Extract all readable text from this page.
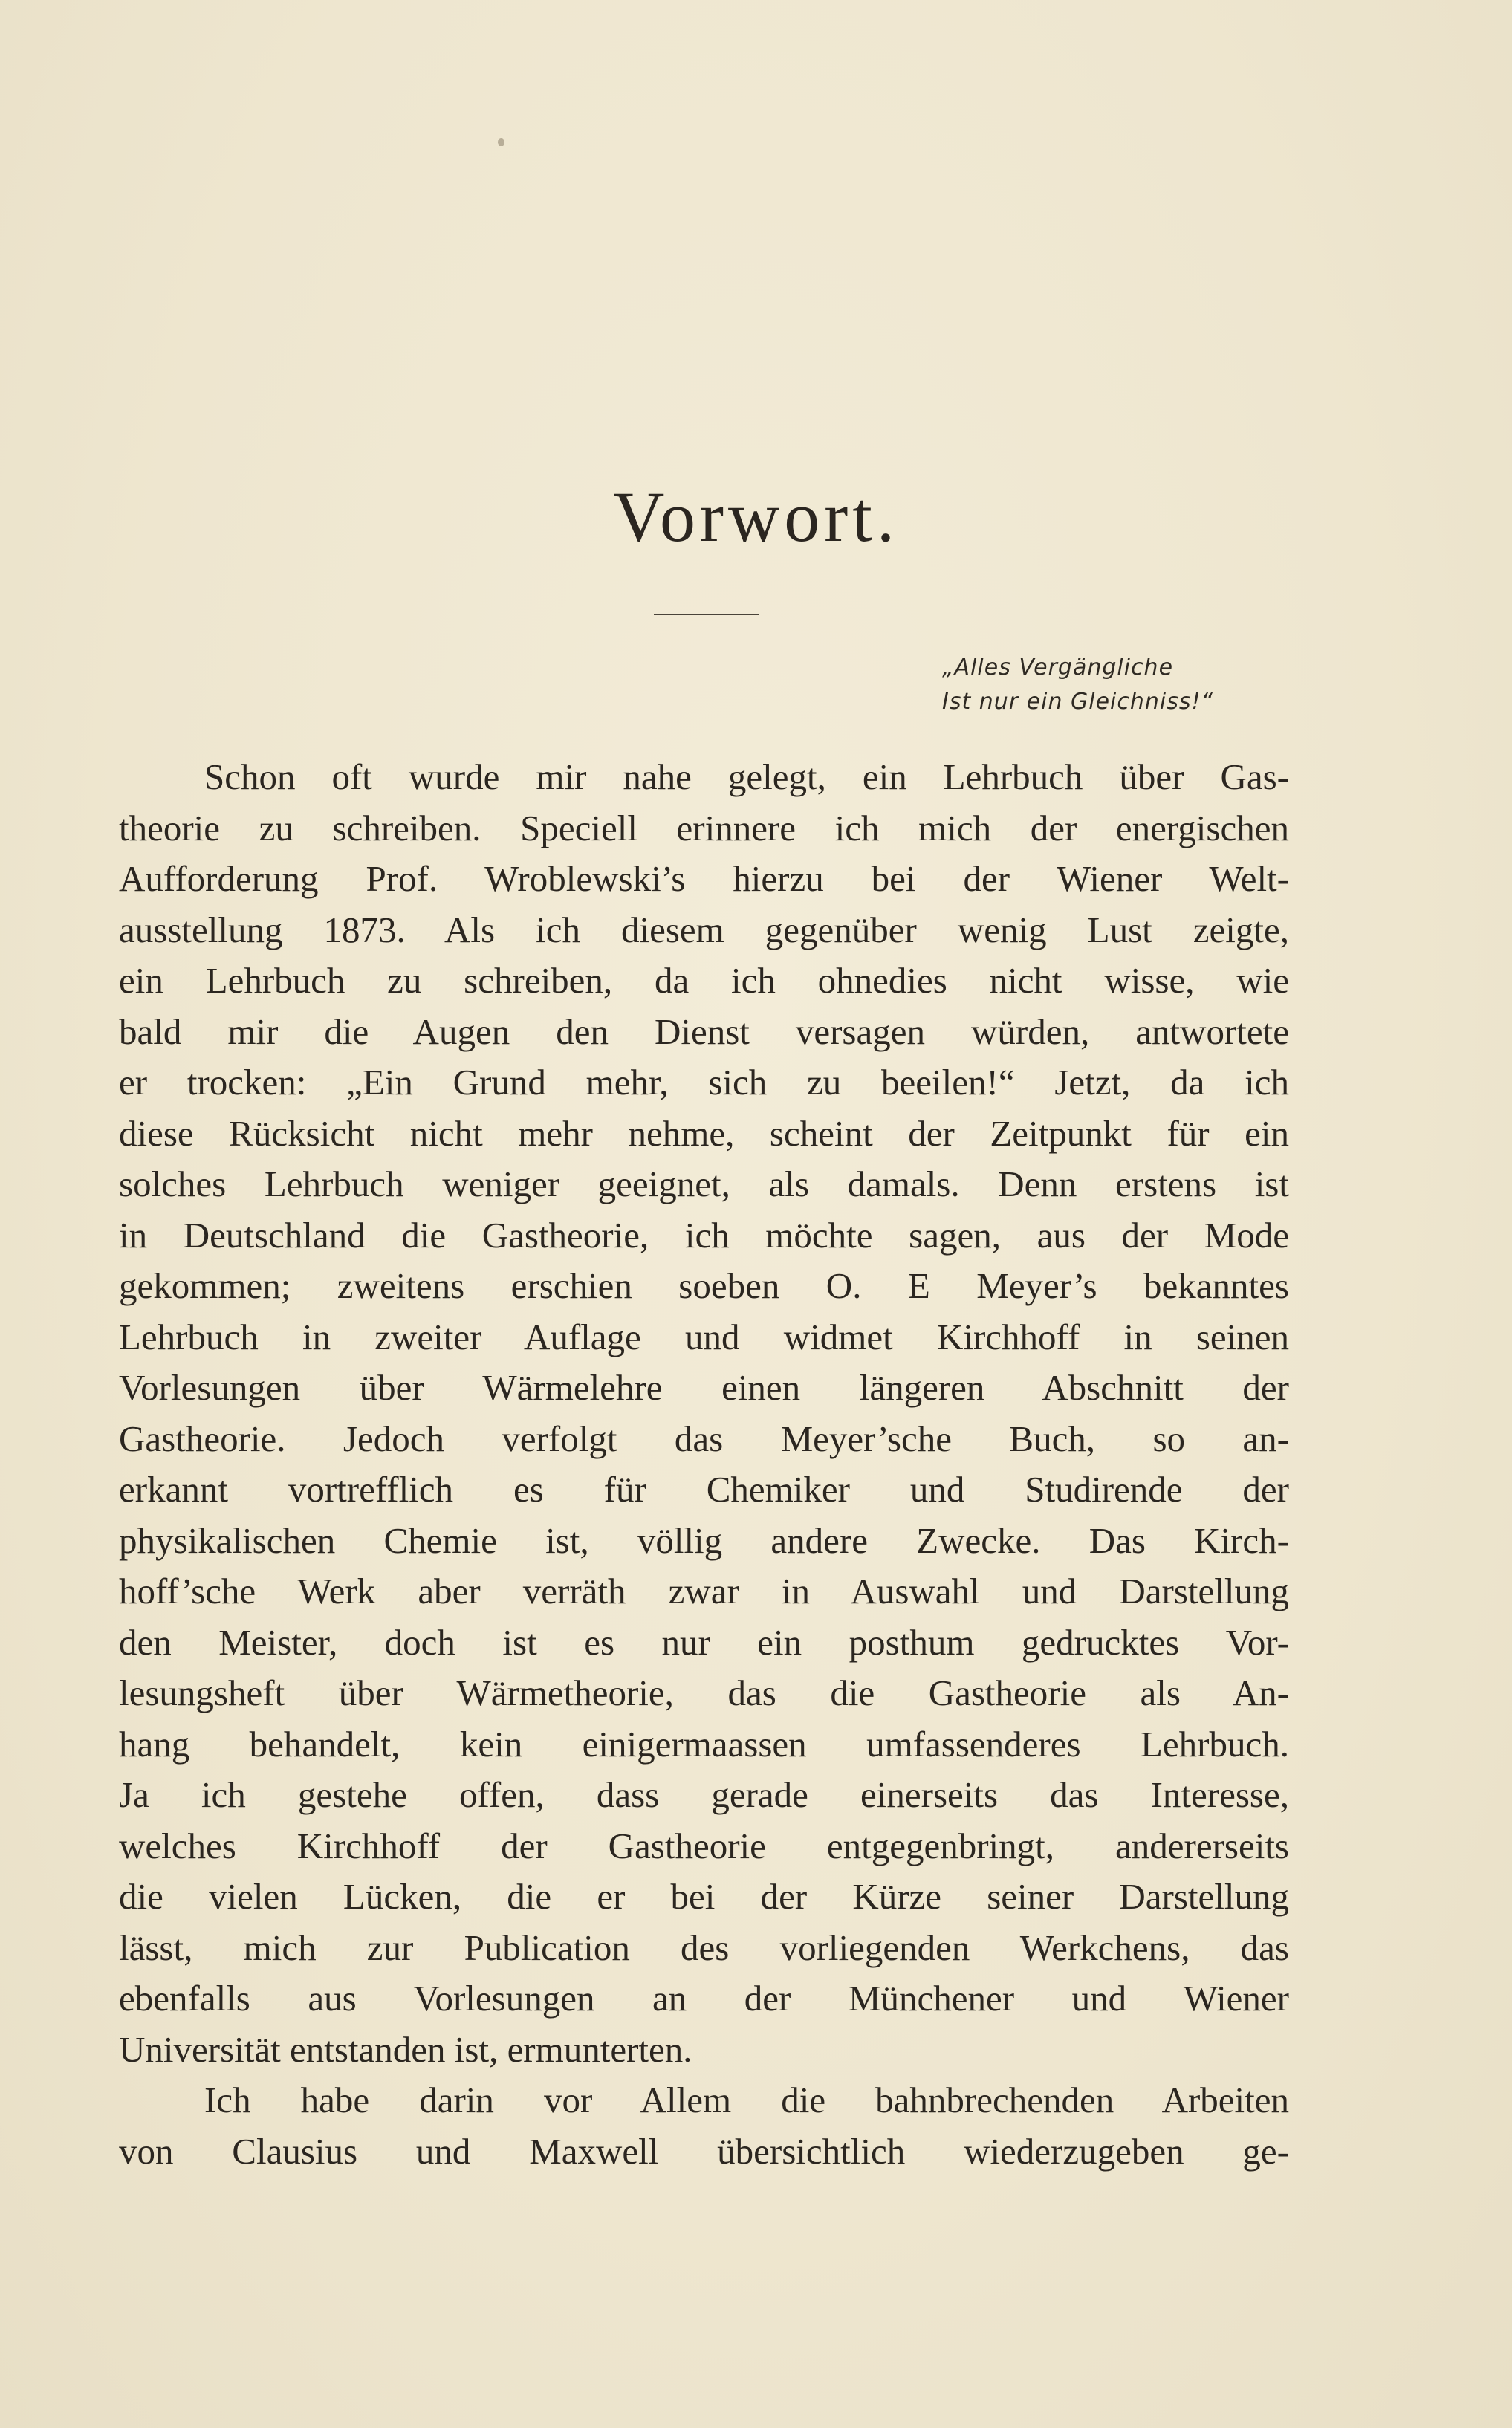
Vorwort.
„Alles Vergängliche
Ist nur ein Gleichniss!“
Schon oft wurde mir nahe gelegt, ein Lehrbuch über Gas-
theorie zu schreiben. Speciell erinnere ich mich der energischen
Aufforderung Prof. Wroblewski’s hierzu bei der Wiener Welt-
ausstellung 1873. Als ich diesem gegenüber wenig Lust zeigte,
ein Lehrbuch zu schreiben, da ich ohnedies nicht wisse, wie
bald mir die Augen den Dienst versagen würden, antwortete
er trocken: „Ein Grund mehr, sich zu beeilen!“ Jetzt, da ich
diese Rücksicht nicht mehr nehme, scheint der Zeitpunkt für ein
solches Lehrbuch weniger geeignet, als damals. Denn erstens ist
in Deutschland die Gastheorie, ich möchte sagen, aus der Mode
gekommen; zweitens erschien soeben O. E Meyer’s bekanntes
Lehrbuch in zweiter Auflage und widmet Kirchhoff in seinen
Vorlesungen über Wärmelehre einen längeren Abschnitt der
Gastheorie. Jedoch verfolgt das Meyer’sche Buch, so an-
erkannt vortrefflich es für Chemiker und Studirende der
physikalischen Chemie ist, völlig andere Zwecke. Das Kirch-
hoff’sche Werk aber verräth zwar in Auswahl und Darstellung
den Meister, doch ist es nur ein posthum gedrucktes Vor-
lesungsheft über Wärmetheorie, das die Gastheorie als An-
hang behandelt, kein einigermaassen umfassenderes Lehrbuch.
Ja ich gestehe offen, dass gerade einerseits das Interesse,
welches Kirchhoff der Gastheorie entgegenbringt, andererseits
die vielen Lücken, die er bei der Kürze seiner Darstellung
lässt, mich zur Publication des vorliegenden Werkchens, das
ebenfalls aus Vorlesungen an der Münchener und Wiener
Universität entstanden ist, ermunterten.
Ich habe darin vor Allem die bahnbrechenden Arbeiten
von Clausius und Maxwell übersichtlich wiederzugeben ge-
